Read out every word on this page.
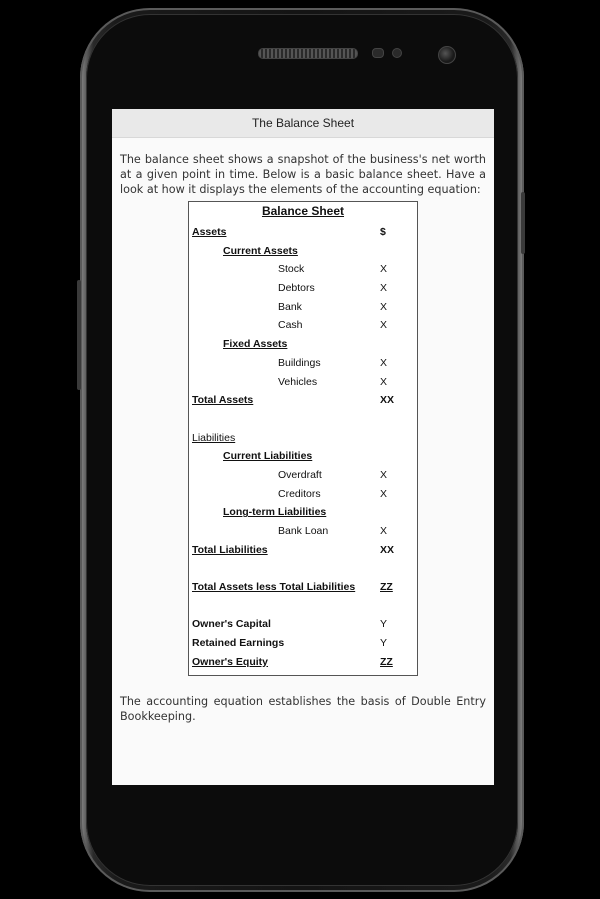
The Balance Sheet

The balance sheet shows a snapshot of the business's net worth at a given point in time. Below is a basic balance sheet. Have a look at how it displays the elements of the accounting equation:

Balance Sheet
Assets	$
Current Assets
Stock	X
Debtors	X
Bank	X
Cash	X
Fixed Assets
Buildings	X
Vehicles	X
Total Assets	XX
Liabilities
Current Liabilities
Overdraft	X
Creditors	X
Long-term Liabilities
Bank Loan	X
Total Liabilities	XX
Total Assets less Total Liabilities ZZ
Owner's Capital	Y
Retained Earnings	Y
Owner's Equity	ZZ

The accounting equation establishes the basis of Double Entry Bookkeeping.
